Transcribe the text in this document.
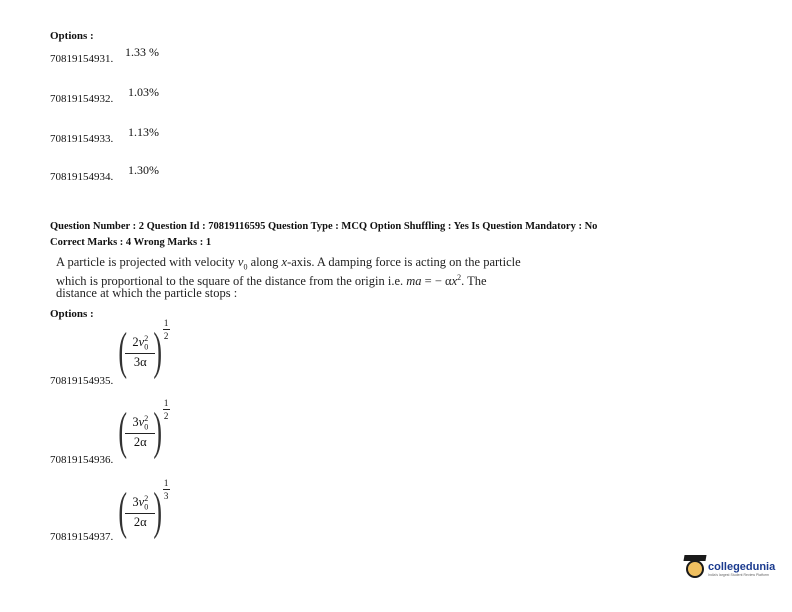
Options :
70819154931. 1.33 %
70819154932. 1.03%
70819154933. 1.13%
70819154934. 1.30%
Question Number : 2 Question Id : 70819116595 Question Type : MCQ Option Shuffling : Yes Is Question Mandatory : No
Correct Marks : 4 Wrong Marks : 1
A particle is projected with velocity $v_0$ along x-axis. A damping force is acting on the particle
which is proportional to the square of the distance from the origin i.e. ma = − $\alpha x^2$. The
distance at which the particle stops :
Options :
(
$\frac{2v_0^2}{3\alpha}$
) 1
2
70819154935.
(
$\frac{3v_0^2}{2\alpha}$
) 1
2
70819154936.
(
$\frac{3v_0^2}{2\alpha}$
) 1
3
70819154937.
collegedunia
India's largest Student Review Platform
